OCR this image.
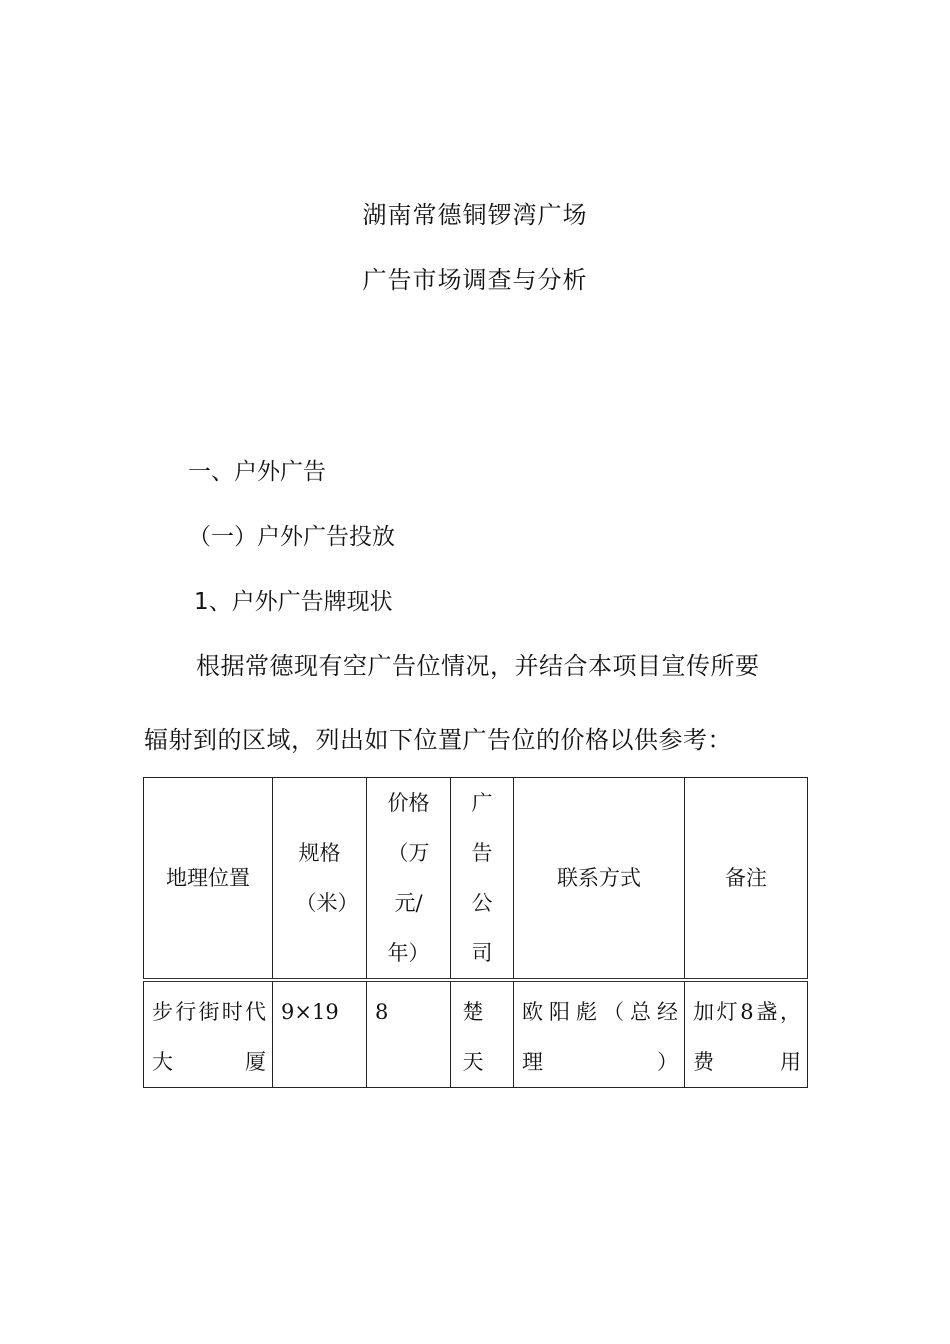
湖南常德铜锣湾广场
广告市场调查与分析
一、户外广告
（一）户外广告投放
1、户外广告牌现状
根据常德现有空广告位情况，并结合本项目宣传所要
辐射到的区域，列出如下位置广告位的价格以供参考：
地理位置	规格（米）	价格（万元/年）	广告公司	联系方式	备注

步行街时代大厦	9×19	8	楚天	欧阳彪（总经理）	加灯8盏，费用
